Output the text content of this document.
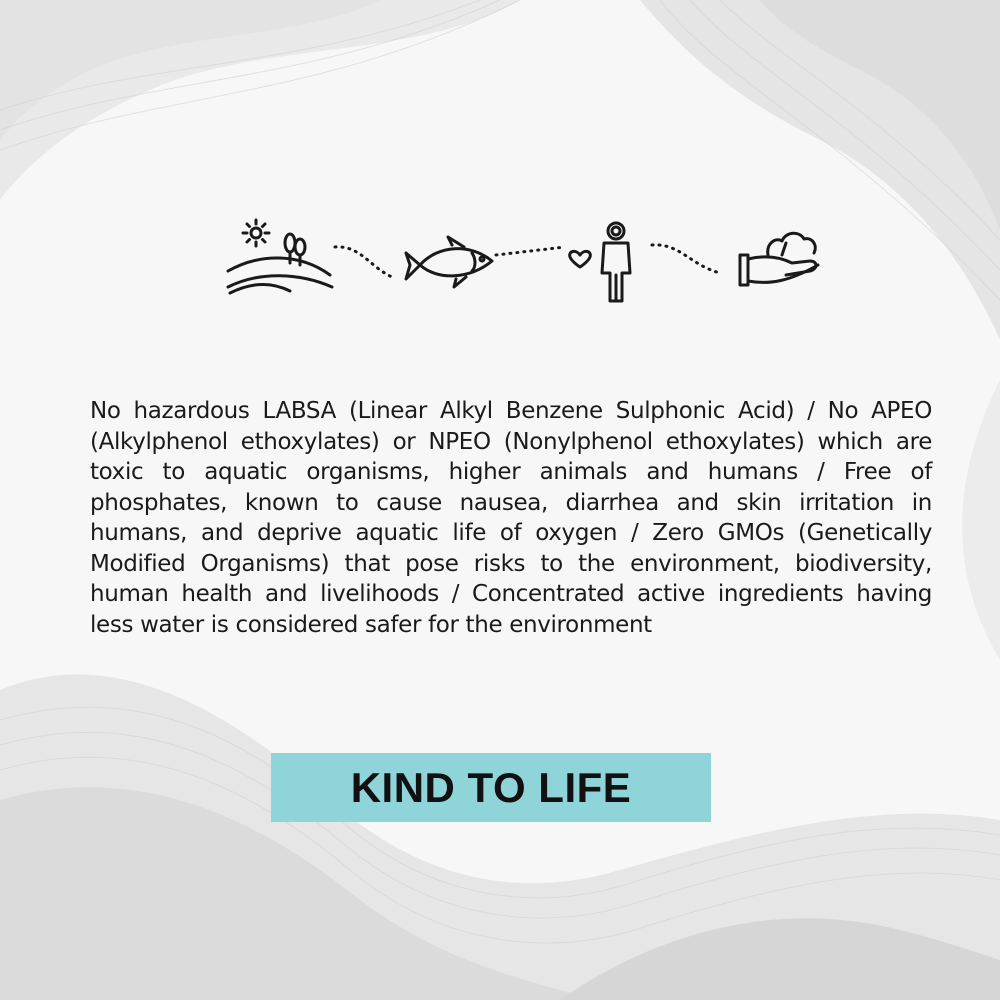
No hazardous LABSA (Linear Alkyl Benzene Sulphonic Acid) / No APEO (Alkylphenol ethoxylates) or NPEO (Nonylphenol ethoxylates) which are toxic to aquatic organisms, higher animals and humans / Free of phosphates, known to cause nausea, diarrhea and skin irritation in humans, and deprive aquatic life of oxygen / Zero GMOs (Genetically Modified Organisms) that pose risks to the environment, biodiversity, human health and livelihoods / Concentrated active ingredients having less water is considered safer for the environment

KIND TO LIFE
